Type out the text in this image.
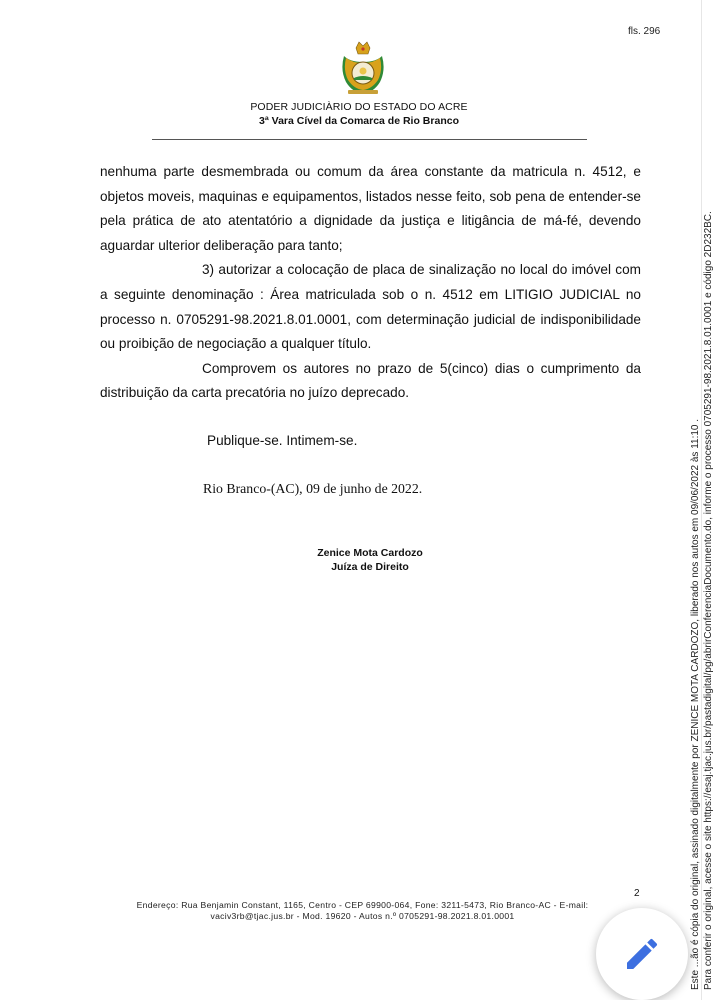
fls. 296
PODER JUDICIÀRIO DO ESTADO DO ACRE
3ª Vara Cível da Comarca de Rio Branco

nenhuma parte desmembrada ou comum da área constante da matricula n. 4512, e objetos moveis, maquinas e equipamentos, listados nesse feito, sob pena de entender-se pela prática de ato atentatório a dignidade da justiça e litigância de má-fé, devendo aguardar ulterior deliberação para tanto;

3) autorizar a colocação de placa de sinalização no local do imóvel com a seguinte denominação : Área matriculada sob o n. 4512 em LITIGIO JUDICIAL no processo n. 0705291-98.2021.8.01.0001, com determinação judicial de indisponibilidade ou proibição de negociação a qualquer título.

Comprovem os autores no prazo de 5(cinco) dias o cumprimento da distribuição da carta precatória no juízo deprecado.

Publique-se. Intimem-se.
Rio Branco-(AC), 09 de junho de 2022.
Zenice Mota Cardozo
Juíza de Direito
2
Endereço: Rua Benjamin Constant, 1165, Centro - CEP 69900-064, Fone: 3211-5473, Rio Branco-AC - E-mail:
vaciv3rb@tjac.jus.br - Mod. 19620 - Autos n.º 0705291-98.2021.8.01.0001	Este ...ão é cópia do original, assinado digitalmente por ZENICE MOTA CARDOZO, liberado nos autos em 09/06/2022 às 11:10 . Para conferir o original, acesse o site https://esaj.tjac.jus.br/pastadigital/pg/abrirConferenciaDocumento.do, informe o processo 0705291-98.2021.8.01.0001 e código 2D232BC.
